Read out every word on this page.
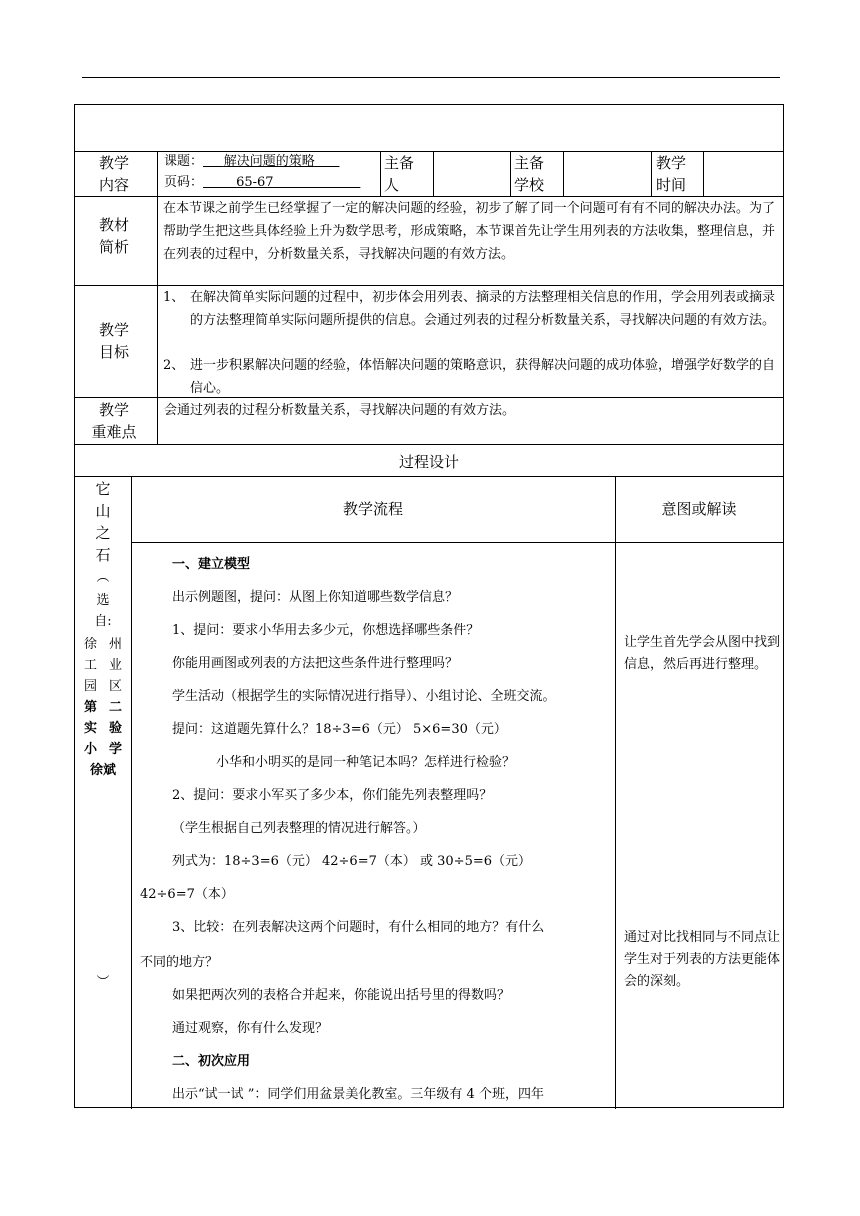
教学
内容
课题： 解决问题的策略
页码：	65-67
主备
人
主备
学校
教学
时间
教材
简析
在本节课之前学生已经掌握了一定的解决问题的经验，初步了解了同一个问题可有有不同的解决办法。为了帮助学生把这些具体经验上升为数学思考，形成策略，本节课首先让学生用列表的方法收集，整理信息，并在列表的过程中，分析数量关系，寻找解决问题的有效方法。
教学
目标
1、 在解决简单实际问题的过程中，初步体会用列表、摘录的方法整理相关信息的作用，学会用列表或摘录的方法整理简单实际问题所提供的信息。会通过列表的过程分析数量关系，寻找解决问题的有效方法。
2、 进一步积累解决问题的经验，体悟解决问题的策略意识，获得解决问题的成功体验，增强学好数学的自信心。
教学
重难点
会通过列表的过程分析数量关系，寻找解决问题的有效方法。
过程设计
教学流程	意图或解读
它
山
之
石
︵
选
自:
徐 州
工 业
园 区
第 二
实 验
小 学
徐斌
︶
一、建立模型
出示例题图，提问：从图上你知道哪些数学信息？
1、提问：要求小华用去多少元，你想选择哪些条件？
你能用画图或列表的方法把这些条件进行整理吗？
学生活动（根据学生的实际情况进行指导）、小组讨论、全班交流。
提问：这道题先算什么？18÷3=6（元） 5×6=30（元）
小华和小明买的是同一种笔记本吗？怎样进行检验？
2、提问：要求小军买了多少本，你们能先列表整理吗？
（学生根据自己列表整理的情况进行解答。）
列式为：18÷3=6（元） 42÷6=7（本） 或 30÷5=6（元）
42÷6=7（本）
3、比较：在列表解决这两个问题时，有什么相同的地方？有什么
不同的地方？
如果把两次列的表格合并起来，你能说出括号里的得数吗？
通过观察，你有什么发现？
二、初次应用
出示“试一试 ”：同学们用盆景美化教室。三年级有 4 个班，四年
让学生首先学会从图中找到信息，然后再进行整理。
通过对比找相同与不同点让学生对于列表的方法更能体会的深刻。
